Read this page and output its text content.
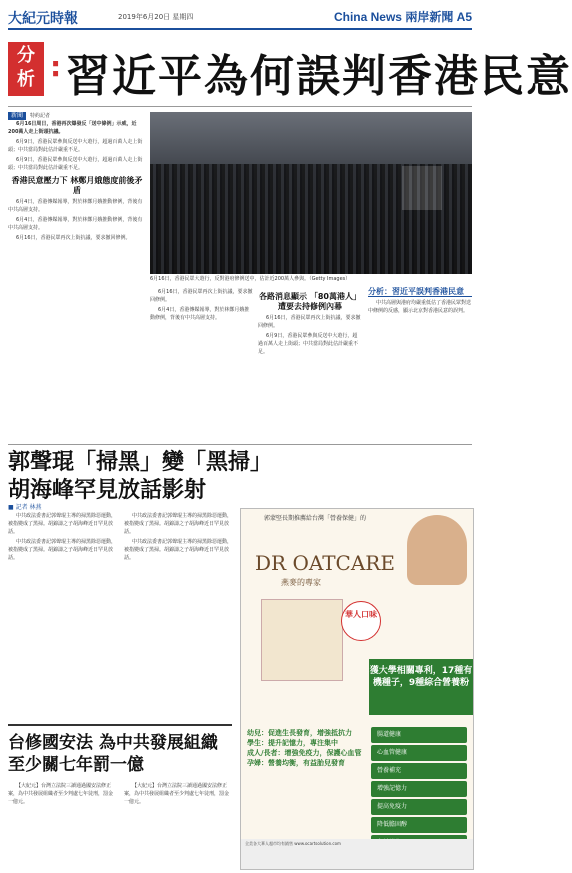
大紀元時報	2019年6月20日 星期四	China News 兩岸新聞 A5
分
析 : 習近平為何誤判香港民意
新聞 特約記者

6月16日周日，香港再次爆發反「送中條例」示威，近200萬人走上街頭抗議。

6月9日，香港民眾參與反送中大遊行，超過百萬人走上街頭；中共當局對此估計嚴重不足。

6月9日，香港民眾參與反送中大遊行，超過百萬人走上街頭；中共當局對此估計嚴重不足。

香港民意壓力下 林鄭月娥態度前後矛盾

6月4日，香港傳媒報導，對於林鄭月娥推動修例，背後有中共高層支持。

6月4日，香港傳媒報導，對於林鄭月娥推動修例，背後有中共高層支持。

6月16日，香港民眾再次上街抗議，要求撤回修例。

6月16日，香港民眾大遊行，反對港府修例送中，估計近200萬人參與。（Getty Images）

6月16日，香港民眾再次上街抗議，要求撤回修例。

6月4日，香港傳媒報導，對於林鄭月娥推動修例，背後有中共高層支持。

各路消息顯示 「80萬港人」遭要去持修例內幕

6月16日，香港民眾再次上街抗議，要求撤回修例。

6月9日，香港民眾參與反送中大遊行，超過百萬人走上街頭；中共當局對此估計嚴重不足。

分析：習近平誤判香港民意

中共高層與港府均嚴重低估了香港民眾對送中條例的反感，顯示北京對香港民意的誤判。

郭聲琨「掃黑」變「黑掃」
胡海峰罕見放話影射
■ 記者 林燕

中共政法委書記郭聲琨主導的掃黑除惡運動，被指變成了黑掃。胡錦濤之子胡海峰近日罕見放話。

中共政法委書記郭聲琨主導的掃黑除惡運動，被指變成了黑掃。胡錦濤之子胡海峰近日罕見放話。

中共政法委書記郭聲琨主導的掃黑除惡運動，被指變成了黑掃。胡錦濤之子胡海峰近日罕見放話。

中共政法委書記郭聲琨主導的掃黑除惡運動，被指變成了黑掃。胡錦濤之子胡海峰近日罕見放話。

台修國安法 為中共發展組織
至少關七年罰一億

【大紀元】台灣立法院三讀通過國安法修正案，為中共發展組織者至少判處七年徒刑，罰金一億元。

【大紀元】台灣立法院三讀通過國安法修正案，為中共發展組織者至少判處七年徒刑，罰金一億元。

郭蒙堅長期推薦給台灣「營養保健」的
DR OATCARE
燕麥的專家
華人口味
獲大學相關專利，17種有機種子，9種綜合營養粉
幼兒：促進生長發育，增強抵抗力
學生：提升記憶力，專注集中
成人/長者：增強免疫力，保護心血管
孕婦：營養均衡，有益胎兒發育
腸道健康
心血管健康
營養補充
增強記憶力
提高免疫力
降低膽固醇
全美各大華人超市均有銷售 www.ocartsolution.com
